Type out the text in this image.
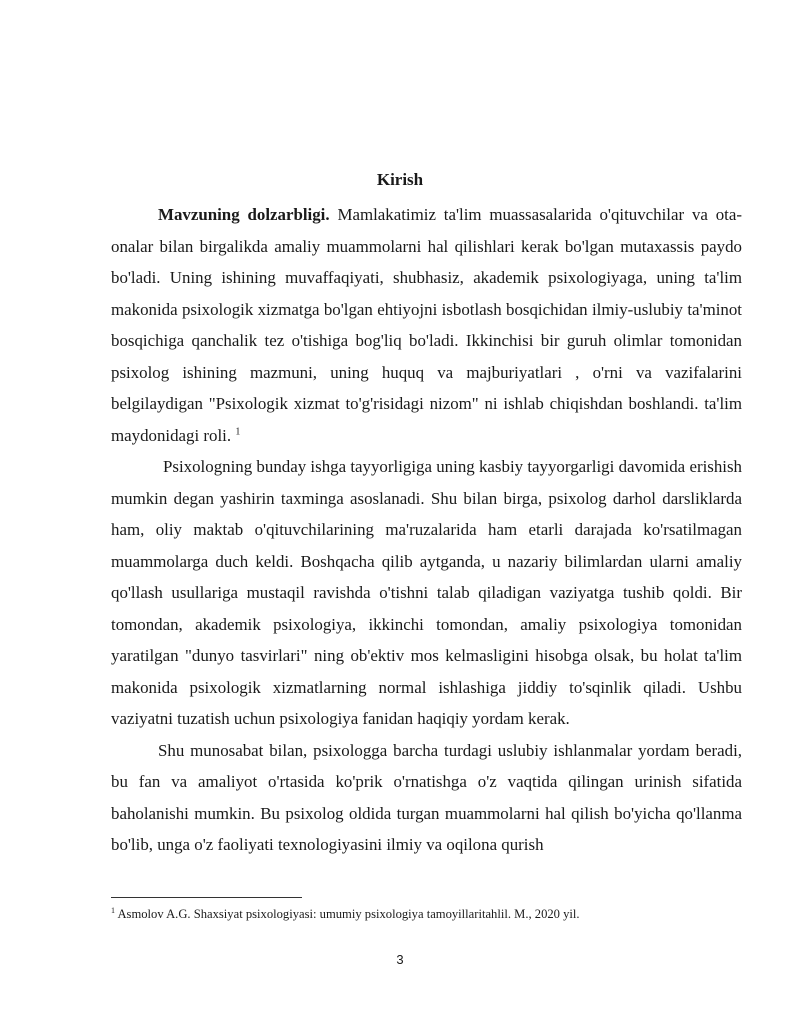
Kirish

Mavzuning dolzarbligi. Mamlakatimiz ta'lim muassasalarida o'qituvchilar va ota-onalar bilan birgalikda amaliy muammolarni hal qilishlari kerak bo'lgan mutaxassis paydo bo'ladi. Uning ishining muvaffaqiyati, shubhasiz, akademik psixologiyaga, uning ta'lim makonida psixologik xizmatga bo'lgan ehtiyojni isbotlash bosqichidan ilmiy-uslubiy ta'minot bosqichiga qanchalik tez o'tishiga bog'liq bo'ladi. Ikkinchisi bir guruh olimlar tomonidan psixolog ishining mazmuni, uning huquq va majburiyatlari , o'rni va vazifalarini belgilaydigan "Psixologik xizmat to'g'risidagi nizom" ni ishlab chiqishdan boshlandi. ta'lim maydonidagi roli. $^1$

Psixologning bunday ishga tayyorligiga uning kasbiy tayyorgarligi davomida erishish mumkin degan yashirin taxminga asoslanadi. Shu bilan birga, psixolog darhol darsliklarda ham, oliy maktab o'qituvchilarining ma'ruzalarida ham etarli darajada ko'rsatilmagan muammolarga duch keldi. Boshqacha qilib aytganda, u nazariy bilimlardan ularni amaliy qo'llash usullariga mustaqil ravishda o'tishni talab qiladigan vaziyatga tushib qoldi. Bir tomondan, akademik psixologiya, ikkinchi tomondan, amaliy psixologiya tomonidan yaratilgan "dunyo tasvirlari" ning ob'ektiv mos kelmasligini hisobga olsak, bu holat ta'lim makonida psixologik xizmatlarning normal ishlashiga jiddiy to'sqinlik qiladi. Ushbu vaziyatni tuzatish uchun psixologiya fanidan haqiqiy yordam kerak.

Shu munosabat bilan, psixologga barcha turdagi uslubiy ishlanmalar yordam beradi, bu fan va amaliyot o'rtasida ko'prik o'rnatishga o'z vaqtida qilingan urinish sifatida baholanishi mumkin. Bu psixolog oldida turgan muammolarni hal qilish bo'yicha qo'llanma bo'lib, unga o'z faoliyati texnologiyasini ilmiy va oqilona qurish

$^1$ Asmolov A.G. Shaxsiyat psixologiyasi: umumiy psixologiya tamoyillaritahlil. M., 2020 yil.
3
